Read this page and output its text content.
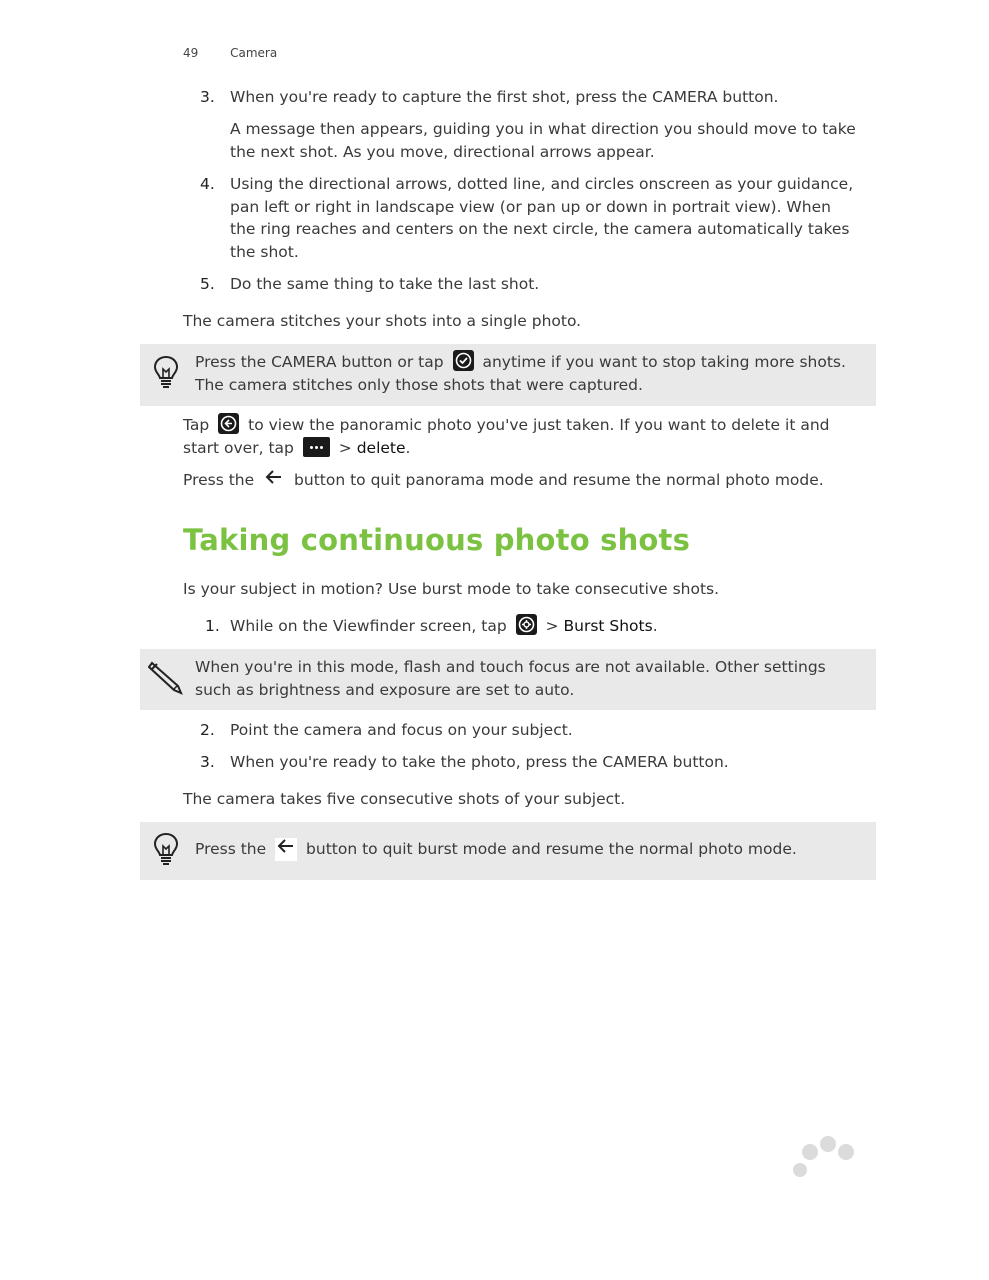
49	Camera
3. When you're ready to capture the first shot, press the CAMERA button.
A message then appears, guiding you in what direction you should move to take
the next shot. As you move, directional arrows appear.
4. Using the directional arrows, dotted line, and circles onscreen as your guidance,
pan left or right in landscape view (or pan up or down in portrait view). When
the ring reaches and centers on the next circle, the camera automatically takes
the shot.
5. Do the same thing to take the last shot.
The camera stitches your shots into a single photo.
Press the CAMERA button or tap	anytime if you want to stop taking more shots.
The camera stitches only those shots that were captured.
Tap	to view the panoramic photo you've just taken. If you want to delete it and
start over, tap	> delete.
Press the	button to quit panorama mode and resume the normal photo mode.
Taking continuous photo shots
Is your subject in motion? Use burst mode to take consecutive shots.
1. While on the Viewfinder screen, tap	> Burst Shots.
When you're in this mode, flash and touch focus are not available. Other settings
such as brightness and exposure are set to auto.
2. Point the camera and focus on your subject.
3. When you're ready to take the photo, press the CAMERA button.
The camera takes five consecutive shots of your subject.
Press the	button to quit burst mode and resume the normal photo mode.
